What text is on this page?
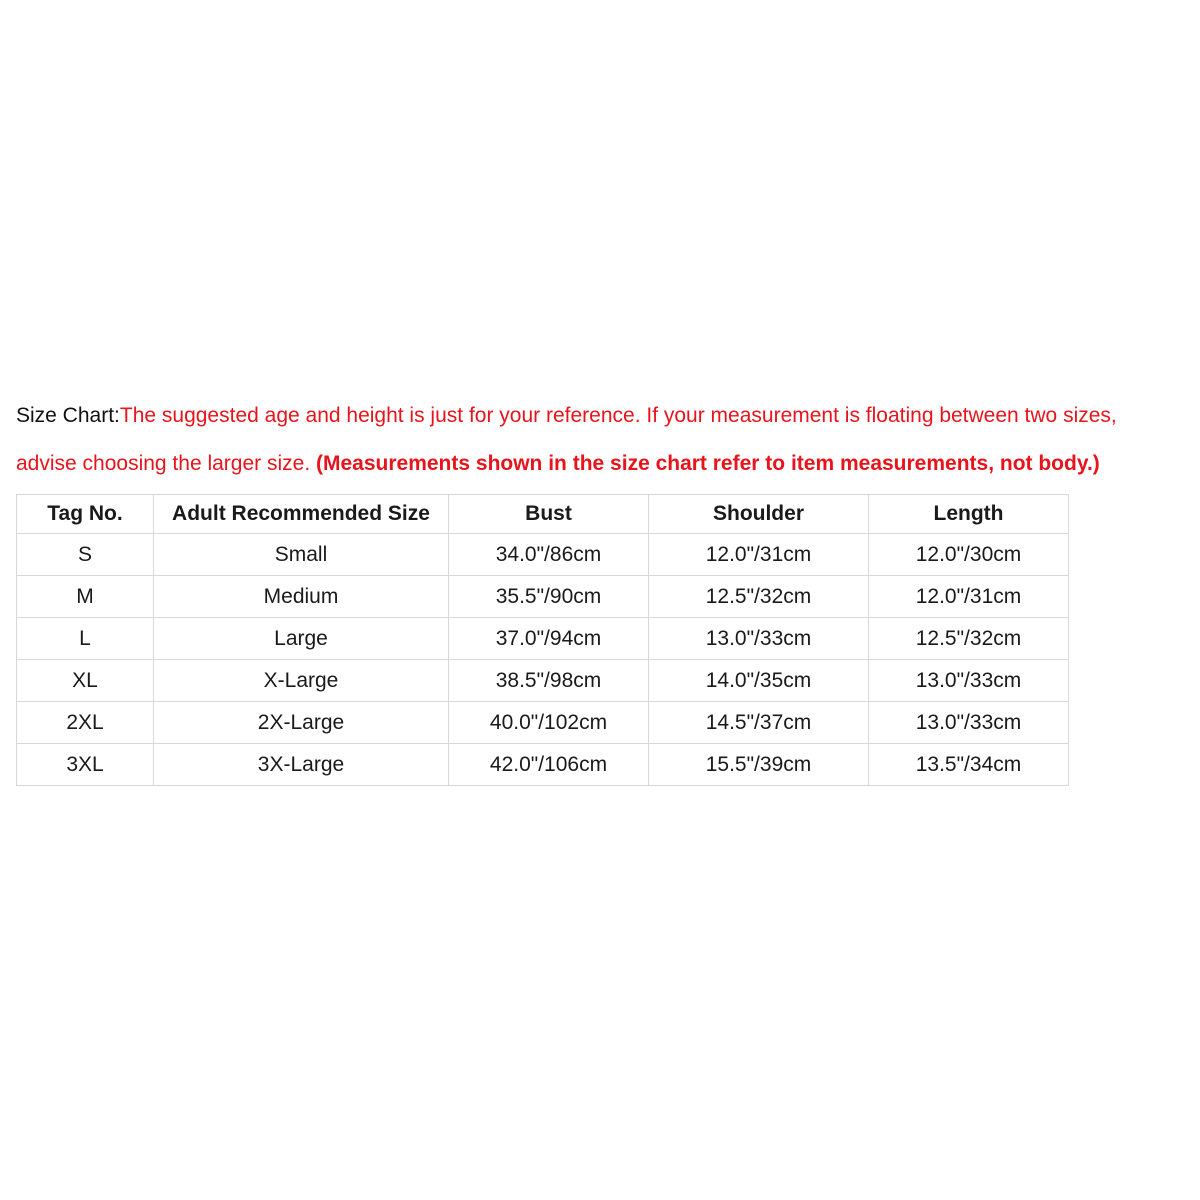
Size Chart:The suggested age and height is just for your reference. If your measurement is floating between two sizes,
advise choosing the larger size. (Measurements shown in the size chart refer to item measurements, not body.)
Tag No.	Adult Recommended Size	Bust	Shoulder	Length
S	Small	34.0"/86cm	12.0"/31cm	12.0"/30cm
M	Medium	35.5"/90cm	12.5"/32cm	12.0"/31cm
L	Large	37.0"/94cm	13.0"/33cm	12.5"/32cm
XL	X-Large	38.5"/98cm	14.0"/35cm	13.0"/33cm
2XL	2X-Large	40.0"/102cm	14.5"/37cm	13.0"/33cm
3XL	3X-Large	42.0"/106cm	15.5"/39cm	13.5"/34cm
